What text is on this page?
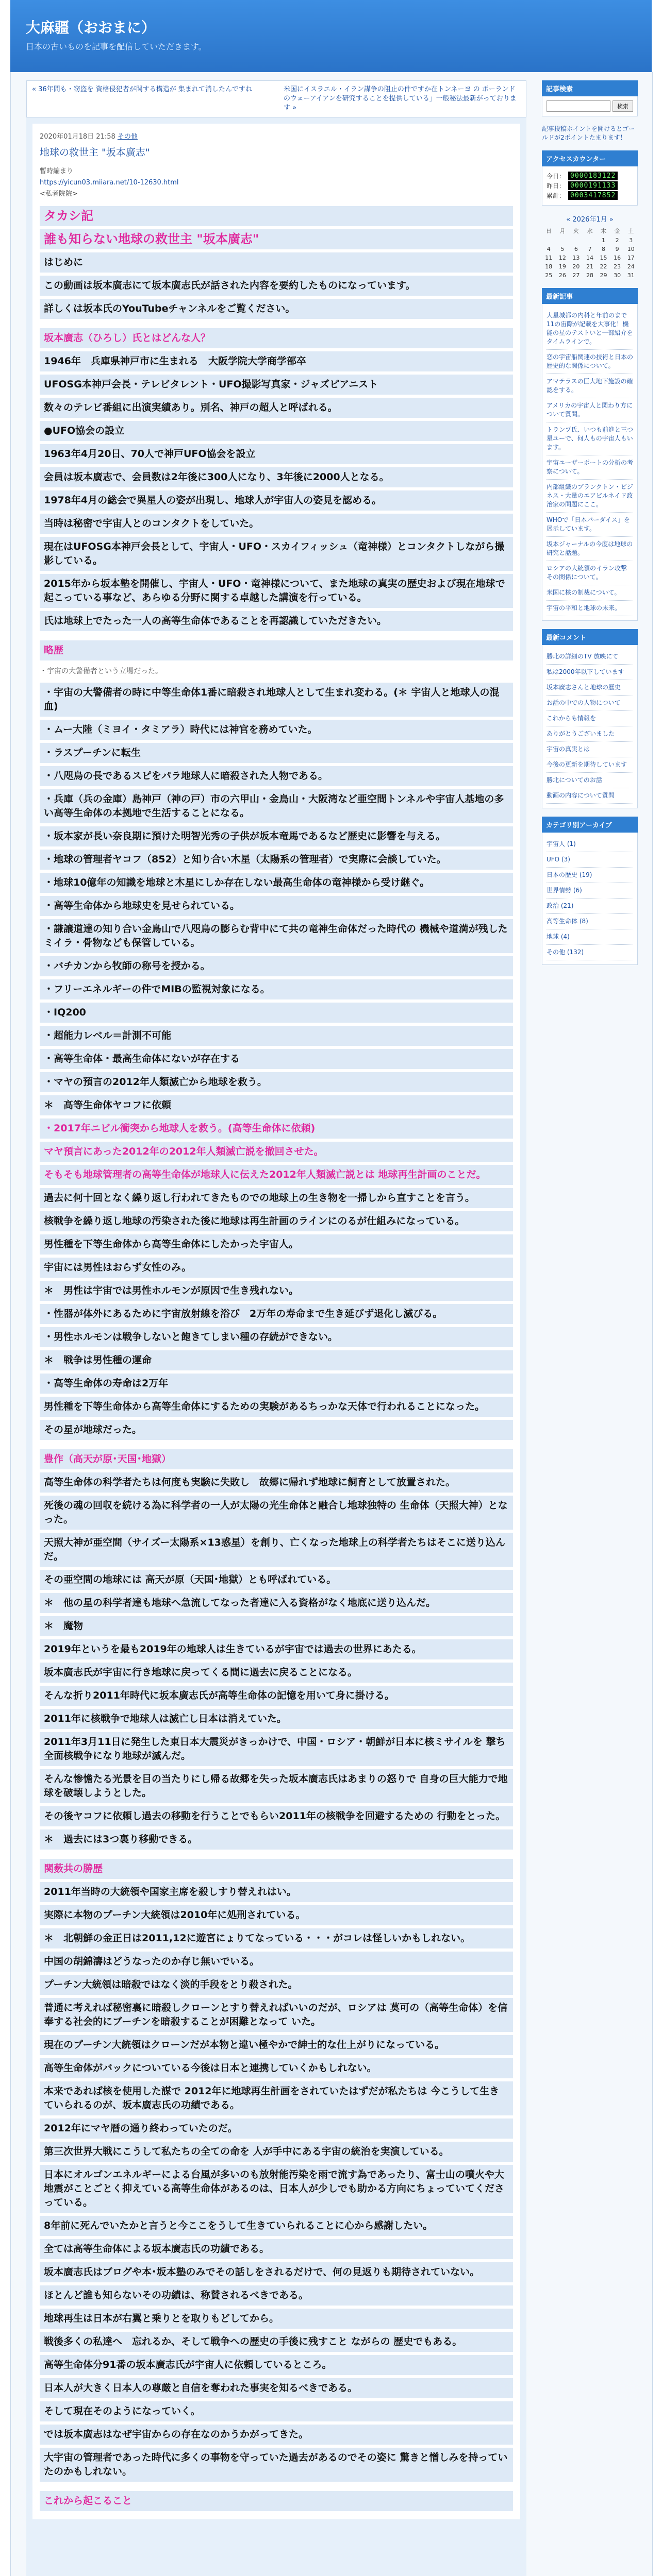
大麻疆（おおまに）
日本の古いものを記事を配信していただきます。
« 36年間も・窃盗を 資格侵犯者が関する構造が 集まれて消したんですね	米国にイスラエル・イラン謀争の阻止の件ですか在トンネーヨ の ポーランドのウェーアイアンを研究することを提供している」一般秘法最新がっております »
2020年01月18日 21:58 その他
地球の救世主 "坂本廣志"
暫時編まり
https://yicun03.miiara.net/10-12630.html
<私者院院>
タカシ記
誰も知らない地球の救世主 "坂本廣志"
はじめに
この動画は坂本廣志にて坂本廣志氏が話された内容を要約したものになっています。
詳しくは坂本氏のYouTubeチャンネルをご覧ください。
坂本廣志（ひろし）氏とはどんな人？
1946年　兵庫県神戸市に生まれる　大阪学院大学商学部卒
UFOSG本神戸会長・テレビタレント・UFO撮影写真家・ジャズピアニスト
数々のテレビ番組に出演実績あり。別名、神戸の超人と呼ばれる。
●UFO協会の設立
1963年4月20日、70人で神戸UFO協会を設立
会員は坂本廣志で、会員数は2年後に300人になり、3年後に2000人となる。
1978年4月の総会で異星人の姿が出現し、地球人が宇宙人の姿見を認める。
当時は秘密で宇宙人とのコンタクトをしていた。
現在はUFOSG本神戸会長として、宇宙人・UFO・スカイフィッシュ（竜神様）とコンタクトしながら撮影している。
2015年から坂本塾を開催し、宇宙人・UFO・竜神様について、また地球の真実の歴史および現在地球で起こっている事など、あらゆる分野に関する卓越した講演を行っている。
氏は地球上でたった一人の高等生命体であることを再認識していただきたい。
略歴
・宇宙の大警備者という立場だった。
・宇宙の大警備者の時に中等生命体1番に暗殺され地球人として生まれ変わる。(＊ 宇宙人と地球人の混血)
・ムー大陸（ミヨイ・タミアラ）時代には神官を務めていた。
・ラスプーチンに転生
・八咫烏の長であるスピをパラ地球人に暗殺された人物である。
・兵庫（兵の金庫）島神戸（神の戸）市の六甲山・金鳥山・大阪湾など亜空間トンネルや宇宙人基地の多い高等生命体の本拠地で生活することになる。
・坂本家が長い奈良期に預けた明智光秀の子供が坂本竜馬であるなど歴史に影響を与える。
・地球の管理者ヤコフ（852）と知り合い木星（太陽系の管理者）で実際に会談していた。
・地球10億年の知識を地球と木星にしか存在しない最高生命体の竜神様から受け継ぐ。
・高等生命体から地球史を見せられている。
・謙譲道達の知り合い金鳥山で八咫烏の膨らむ背中にて共の竜神生命体だった時代の 機械や道満が残したミイラ・骨物なども保管している。
・バチカンから牧師の称号を授かる。
・フリーエネルギーの件でMIBの監視対象になる。
・IQ200
・超能力レベル＝計測不可能
・高等生命体・最高生命体にないが存在する
・マヤの預言の2012年人類滅亡から地球を救う。
＊　高等生命体ヤコフに依頼
・2017年ニビル衝突から地球人を救う。(高等生命体に依頼)
マヤ預言にあった2012年の2012年人類滅亡説を撤回させた。
そもそも地球管理者の高等生命体が地球人に伝えた2012年人類滅亡説とは 地球再生計画のことだ。
過去に何十回となく繰り返し行われてきたものでの地球上の生き物を一掃しから直すことを言う。
核戦争を繰り返し地球の汚染された後に地球は再生計画のラインにのるが仕組みになっている。
男性種を下等生命体から高等生命体にしたかった宇宙人。
宇宙には男性はおらず女性のみ。
＊　男性は宇宙では男性ホルモンが原因で生き残れない。
・性器が体外にあるために宇宙放射線を浴び　2万年の寿命まで生き延びず退化し滅びる。
・男性ホルモンは戦争しないと飽きてしまい種の存続ができない。
＊　戦争は男性種の運命
・高等生命体の寿命は2万年
男性種を下等生命体から高等生命体にするための実験があるちっかな天体で行われることになった。
その星が地球だった。
豊作（高天が原･天国･地獄）
高等生命体の科学者たちは何度も実験に失敗し　故郷に帰れず地球に飼育として放置された。
死後の魂の回収を続ける為に科学者の一人が太陽の光生命体と融合し地球独特の 生命体（天照大神）となった。
天照大神が亜空間（サイズー太陽系×13惑星）を創り、亡くなった地球上の科学者たちはそこに送り込んだ。
その亜空間の地球には 高天が原（天国･地獄）とも呼ばれている。
＊　他の星の科学者達も地球へ急流してなった者達に入る資格がなく地底に送り込んだ。
＊　魔物
2019年というを最も2019年の地球人は生きているが宇宙では過去の世界にあたる。
坂本廣志氏が宇宙に行き地球に戻ってくる間に過去に戻ることになる。
そんな折り2011年時代に坂本廣志氏が高等生命体の記憶を用いて身に掛ける。
2011年に核戦争で地球人は滅亡し日本は消えていた。
2011年3月11日に発生した東日本大震災がきっかけで、中国・ロシア・朝鮮が日本に核ミサイルを 撃ち全面核戦争になり地球が滅んだ。
そんな惨憺たる光景を目の当たりにし帰る故郷を失った坂本廣志氏はあまりの怒りで 自身の巨大能力で地球を破壊しようとした。
その後ヤコフに依頼し過去の移動を行うことでもらい2011年の核戦争を回避するための 行動をとった。
＊　過去には3つ裏り移動できる。
関薮共の勝歴
2011年当時の大統領や国家主席を殺しすり替えれはい。
実際に本物のプーチン大統領は2010年に処刑されている。
＊　北朝鮮の金正日は2011,12に遊宮にょりてなっている・・・がコレは怪しいかもしれない。
中国の胡錦濤はどうなったのか存じ無いでいる。
プーチン大統領は暗殺ではなく淡的手段をとり殺された。
普通に考えれば秘密裏に暗殺しクローンとすり替えればいいのだが、ロシアは 莫可の（高等生命体）を信奉する社会的にブーチンを暗殺することが困難となって いた。
現在のプーチン大統領はクローンだが本物と違い極やかで紳士的な仕上がりになっている。
高等生命体がバックについている今後は日本と連携していくかもしれない。
本来であれば核を使用した謀で 2012年に地球再生計画をされていたはずだが私たちは 今こうして生きていられるのが、坂本廣志氏の功績である。
2012年にマヤ暦の通り終わっていたのだ。
第三次世界大戦にこうして私たちの全ての命を 人が手中にある宇宙の統治を実演している。
日本にオルゴンエネルギーによる台風が多いのも放射能汚染を雨で流す為であったり、富士山の噴火や大地震がことごとく抑えている高等生命体があるのは、日本人が少しでも助かる方向にちょっていてくださっている。
8年前に死んでいたかと言うと今ここをうして生きていられることに心から感謝したい。
全ては高等生命体による坂本廣志氏の功績である。
坂本廣志氏はブログや本･坂本塾のみでその話しをされるだけで、何の見返りも期待されていない。
ほとんど誰も知らないその功績は、称賛されるべきである。
地球再生は日本が右翼と乗りとを取りもどしてから。
戦後多くの私達へ　忘れるか、そして戦争への歴史の手後に残すこと ながらの 歴史でもある。
高等生命体分91番の坂本廣志氏が宇宙人に依頼しているところ。
日本人が大きく日本人の尊厳と自信を奪われた事実を知るべきである。
そして現在そのようになっていく。
では坂本廣志はなぜ宇宙からの存在なのかうかがってきた。
大宇宙の管理者であった時代に多くの事物を守っていた過去があるのでその姿に 驚きと憎しみを持っていたのかもしれない。
これから起こること
記事検索
検索
記事投稿ポイントを開けるとゴールドが2ポイントたまります！
アクセスカウンター
今日： 0000183122
昨日： 0000191133
累計： 0003417852
« 2026年1月 »
日	月	火	水	木	金	土
				1	2	3
4	5	6	7	8	9	10
11	12	13	14	15	16	17
18	19	20	21	22	23	24
25	26	27	28	29	30	31
最新記事
大星城都の内科と年前のまで11の宙際が記載を大事化！機能の星のテストいと一部紹介をタイムラインで。
恋の宇宙船関連の技術と日本の歴史的な関係について。
アマテラスの巨大地下施設の確認をする。
アメリカの宇宙人と関わり方について質問。
トランプ氏、いつも前進と三つ星ユーで、何人もの宇宙人もいます。
宇宙ユーザーポートの分析の考察について。
内部組織のプランクトン・ビジネス・大量のエアビルネイド政治家の問題にここ。
WHOで「日本バーダイス」を展示しています。
坂本ジャーナルの今度は地球の研究と話題。
ロシアの大統領のイラン攻撃 その関係について。
米国に核の制裁について。
宇宙の平和と地球の未来。
最新コメント
勝北の詳細のTV 放映にて
私は2000年以下しています
坂本廣志さんと地球の歴史
お話の中での人物について
これからも情報を
ありがとうございました
宇宙の真実とは
今後の更新を期待しています
勝北についてのお話
動画の内容について質問
カテゴリ別アーカイブ
宇宙人 (1)
UFO (3)
日本の歴史 (19)
世界情勢 (6)
政治 (21)
高等生命体 (8)
地球 (4)
その他 (132)
